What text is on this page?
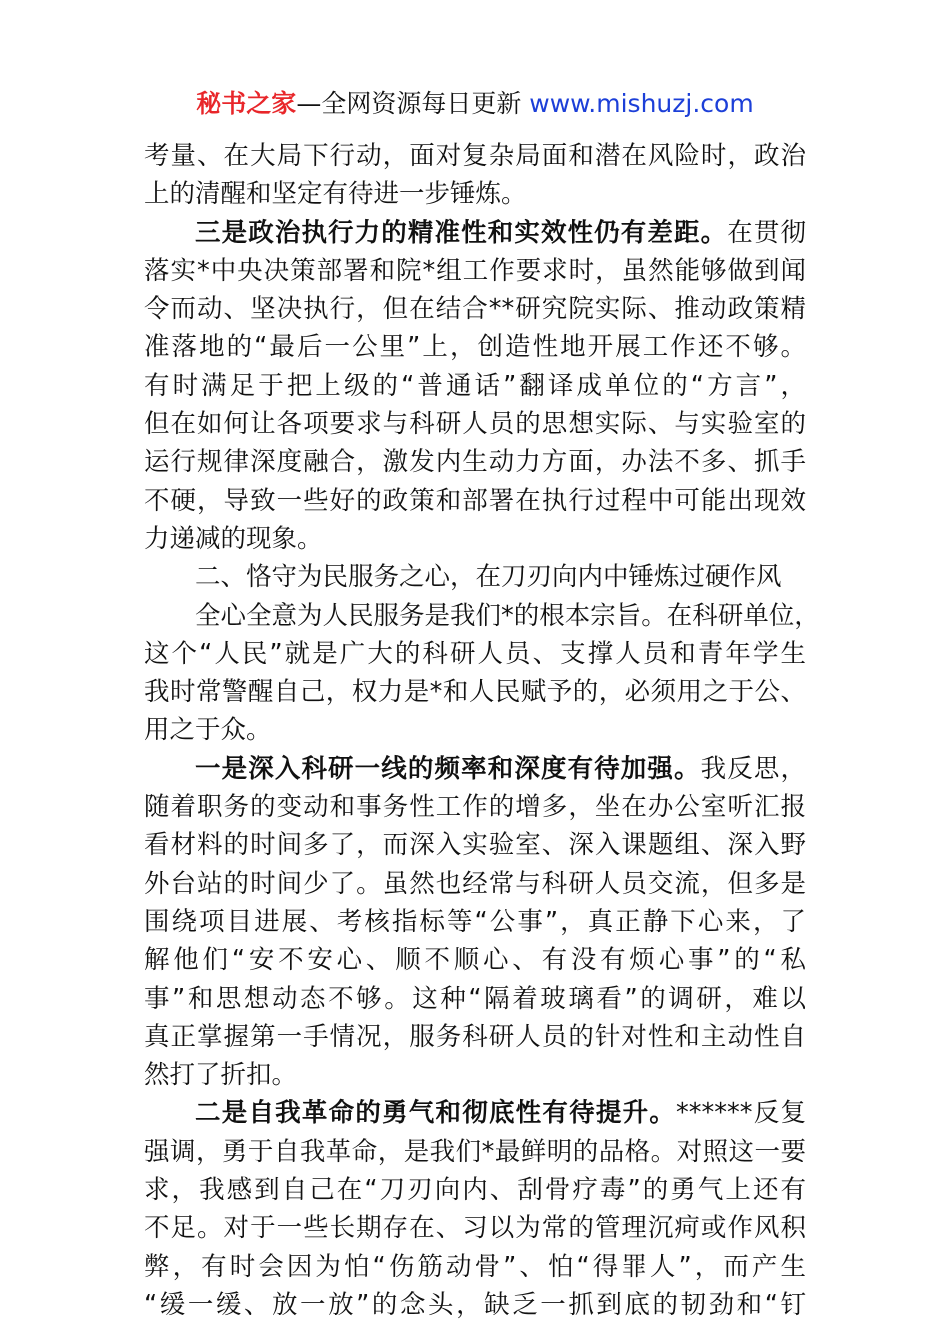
秘书之家—全网资源每日更新 www.mishuzj.com
考量、在大局下行动，面对复杂局面和潜在风险时，政治
上的清醒和坚定有待进一步锤炼。
三是政治执行力的精准性和实效性仍有差距。在贯彻
落实*中央决策部署和院*组工作要求时，虽然能够做到闻
令而动、坚决执行，但在结合**研究院实际、推动政策精
准落地的“最后一公里”上，创造性地开展工作还不够。
有时满足于把上级的“普通话”翻译成单位的“方言”，
但在如何让各项要求与科研人员的思想实际、与实验室的
运行规律深度融合，激发内生动力方面，办法不多、抓手
不硬，导致一些好的政策和部署在执行过程中可能出现效
力递减的现象。
二、恪守为民服务之心，在刀刃向内中锤炼过硬作风
全心全意为人民服务是我们*的根本宗旨。在科研单位，
这个“人民”就是广大的科研人员、支撑人员和青年学生
我时常警醒自己，权力是*和人民赋予的，必须用之于公、
用之于众。
一是深入科研一线的频率和深度有待加强。我反思，
随着职务的变动和事务性工作的增多，坐在办公室听汇报
看材料的时间多了，而深入实验室、深入课题组、深入野
外台站的时间少了。虽然也经常与科研人员交流，但多是
围绕项目进展、考核指标等“公事”，真正静下心来，了
解他们“安不安心、顺不顺心、有没有烦心事”的“私
事”和思想动态不够。这种“隔着玻璃看”的调研，难以
真正掌握第一手情况，服务科研人员的针对性和主动性自
然打了折扣。
二是自我革命的勇气和彻底性有待提升。******反复
强调，勇于自我革命，是我们*最鲜明的品格。对照这一要
求，我感到自己在“刀刃向内、刮骨疗毒”的勇气上还有
不足。对于一些长期存在、习以为常的管理沉疴或作风积
弊，有时会因为怕“伤筋动骨”、怕“得罪人”，而产生
“缓一缓、放一放”的念头，缺乏一抓到底的韧劲和“钉
